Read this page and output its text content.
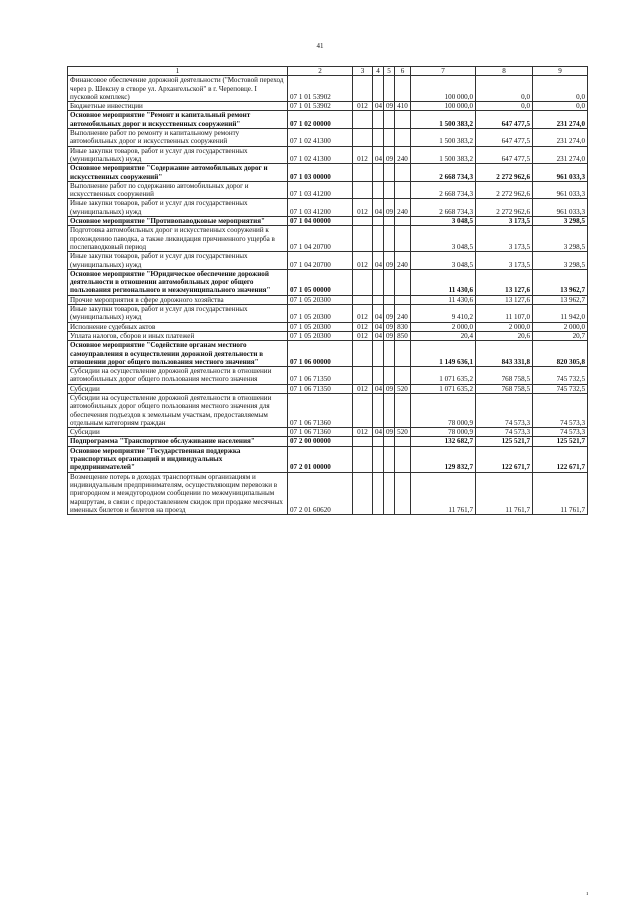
41
1	2	3	4	5	6	7	8	9
Финансовое обеспечение дорожной деятельности ("Мостовой переход через р. Шексну в створе ул. Архангельской" в г. Череповце. I пусковой комплекс)	07 1 01 53902					100 000,0	0,0	0,0
Бюджетные инвестиции	07 1 01 53902	012	04	09	410	100 000,0	0,0	0,0
Основное мероприятие "Ремонт и капитальный ремонт автомобильных дорог и искусственных сооружений"	07 1 02 00000					1 500 383,2	647 477,5	231 274,0
Выполнение работ по ремонту и капитальному ремонту автомобильных дорог и искусственных сооружений	07 1 02 41300					1 500 383,2	647 477,5	231 274,0
Иные закупки товаров, работ и услуг для государственных (муниципальных) нужд	07 1 02 41300	012	04	09	240	1 500 383,2	647 477,5	231 274,0
Основное мероприятие "Содержание автомобильных дорог и искусственных сооружений"	07 1 03 00000					2 668 734,3	2 272 962,6	961 033,3
Выполнение работ по содержанию автомобильных дорог и искусственных сооружений	07 1 03 41200					2 668 734,3	2 272 962,6	961 033,3
Иные закупки товаров, работ и услуг для государственных (муниципальных) нужд	07 1 03 41200	012	04	09	240	2 668 734,3	2 272 962,6	961 033,3
Основное мероприятие "Противопаводковые мероприятия"	07 1 04 00000					3 048,5	3 173,5	3 298,5
Подготовка автомобильных дорог и искусственных сооружений к прохождению паводка, а также ликвидация причиненного ущерба в послепаводковый период	07 1 04 20700					3 048,5	3 173,5	3 298,5
Иные закупки товаров, работ и услуг для государственных (муниципальных) нужд	07 1 04 20700	012	04	09	240	3 048,5	3 173,5	3 298,5
Основное мероприятие "Юридическое обеспечение дорожной деятельности в отношении автомобильных дорог общего пользования регионального и межмуниципального значения"	07 1 05 00000					11 430,6	13 127,6	13 962,7
Прочие мероприятия в сфере дорожного хозяйства	07 1 05 20300					11 430,6	13 127,6	13 962,7
Иные закупки товаров, работ и услуг для государственных (муниципальных) нужд	07 1 05 20300	012	04	09	240	9 410,2	11 107,0	11 942,0
Исполнение судебных актов	07 1 05 20300	012	04	09	830	2 000,0	2 000,0	2 000,0
Уплата налогов, сборов и иных платежей	07 1 05 20300	012	04	09	850	20,4	20,6	20,7
Основное мероприятие "Содействие органам местного самоуправления в осуществлении дорожной деятельности в отношении дорог общего пользования местного значения"	07 1 06 00000					1 149 636,1	843 331,8	820 305,8
Субсидии на осуществление дорожной деятельности в отношении автомобильных дорог общего пользования местного значения	07 1 06 71350					1 071 635,2	768 758,5	745 732,5
Субсидии	07 1 06 71350	012	04	09	520	1 071 635,2	768 758,5	745 732,5
Субсидии на осуществление дорожной деятельности в отношении автомобильных дорог общего пользования местного значения для обеспечения подъездов к земельным участкам, предоставляемым отдельным категориям граждан	07 1 06 71360					78 000,9	74 573,3	74 573,3
Субсидии	07 1 06 71360	012	04	09	520	78 000,9	74 573,3	74 573,3
Подпрограмма "Транспортное обслуживание населения"	07 2 00 00000					132 682,7	125 521,7	125 521,7
Основное мероприятие "Государственная поддержка транспортных организаций и индивидуальных предпринимателей"	07 2 01 00000					129 832,7	122 671,7	122 671,7
Возмещение потерь в доходах транспортным организациям и индивидуальным предпринимателям, осуществляющим перевозки в пригородном и междугородном сообщении по межмуниципальным маршрутам, в связи с предоставлением скидок при продаже месячных именных билетов и билетов на проезд	07 2 01 60620					11 761,7	11 761,7	11 761,7
ı
